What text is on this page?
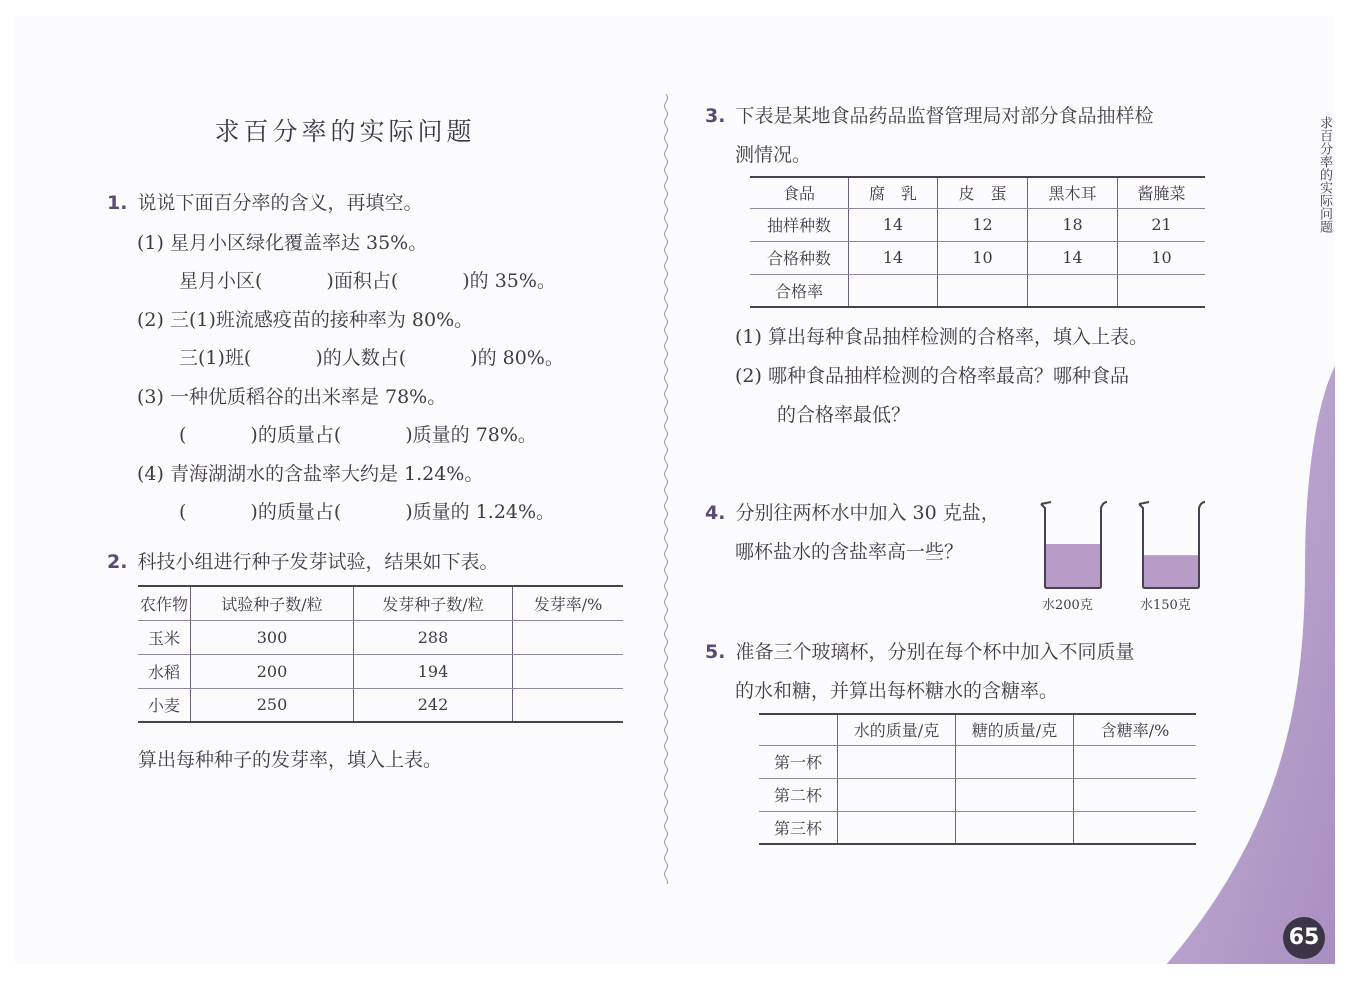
求百分率的实际问题
1. 说说下面百分率的含义，再填空。
(1) 星月小区绿化覆盖率达 35%。
星月小区(	)面积占(	)的 35%。
(2) 三(1)班流感疫苗的接种率为 80%。
三(1)班(	)的人数占(	)的 80%。
(3) 一种优质稻谷的出米率是 78%。
(	)的质量占(	)质量的 78%。
(4) 青海湖湖水的含盐率大约是 1.24%。
(	)的质量占(	)质量的 1.24%。
2. 科技小组进行种子发芽试验，结果如下表。
农作物	试验种子数/粒	发芽种子数/粒	发芽率/%
玉米	300	288	
水稻	200	194	
小麦	250	242	
算出每种种子的发芽率，填入上表。
3. 下表是某地食品药品监督管理局对部分食品抽样检
测情况。
食品	腐　乳	皮　蛋	黑木耳	酱腌菜
抽样种数	14	12	18	21
合格种数	14	10	14	10
合格率				
(1) 算出每种食品抽样检测的合格率，填入上表。
(2) 哪种食品抽样检测的合格率最高？哪种食品
的合格率最低？
4. 分别往两杯水中加入 30 克盐，
哪杯盐水的含盐率高一些？
水200克	水150克
5. 准备三个玻璃杯，分别在每个杯中加入不同质量
的水和糖，并算出每杯糖水的含糖率。
	水的质量/克	糖的质量/克	含糖率/%
第一杯			
第二杯			
第三杯			
求百分率的实际问题
65
